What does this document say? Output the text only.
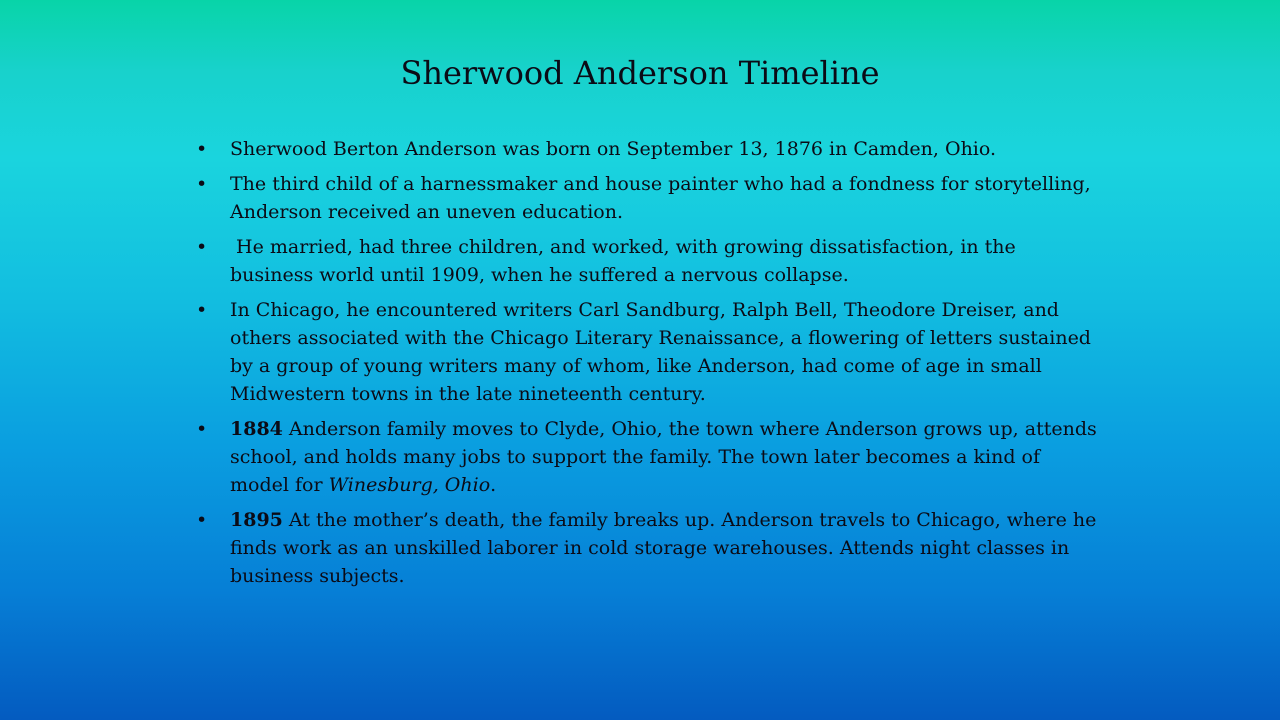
Sherwood Anderson Timeline
• Sherwood Berton Anderson was born on September 13, 1876 in Camden, Ohio.
• The third child of a harnessmaker and house painter who had a fondness for storytelling, Anderson received an uneven education.
• He married, had three children, and worked, with growing dissatisfaction, in the business world until 1909, when he suffered a nervous collapse.
• In Chicago, he encountered writers Carl Sandburg, Ralph Bell, Theodore Dreiser, and others associated with the Chicago Literary Renaissance, a flowering of letters sustained by a group of young writers many of whom, like Anderson, had come of age in small Midwestern towns in the late nineteenth century.
• 1884 Anderson family moves to Clyde, Ohio, the town where Anderson grows up, attends school, and holds many jobs to support the family. The town later becomes a kind of model for Winesburg, Ohio.
• 1895 At the mother’s death, the family breaks up. Anderson travels to Chicago, where he finds work as an unskilled laborer in cold storage warehouses. Attends night classes in business subjects.
